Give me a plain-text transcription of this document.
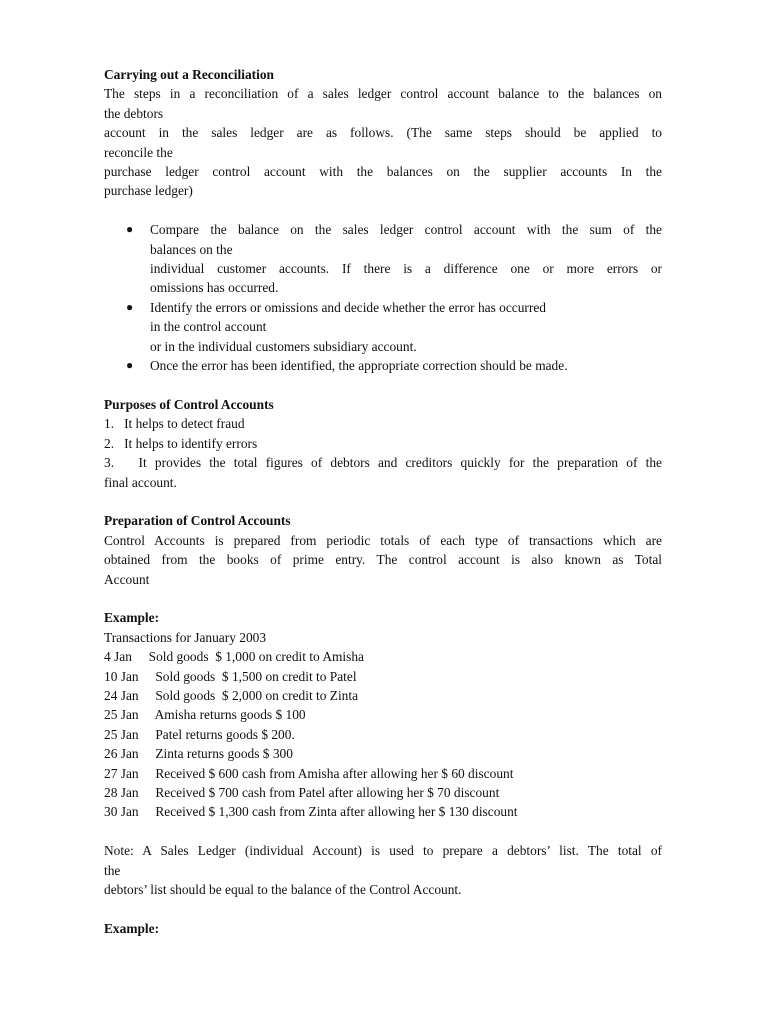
Carrying out a Reconciliation
The steps in a reconciliation of a sales ledger control account balance to the balances on
the debtors
account in the sales ledger are as follows. (The same steps should be applied to
reconcile the
purchase ledger control account with the balances on the supplier accounts In the
purchase ledger)
● Compare the balance on the sales ledger control account with the sum of the
balances on the
individual customer accounts. If there is a difference one or more errors or
omissions has occurred.
● Identify the errors or omissions and decide whether the error has occurred
in the control account
or in the individual customers subsidiary account.
● Once the error has been identified, the appropriate correction should be made.
Purposes of Control Accounts
1.   It helps to detect fraud
2.   It helps to identify errors
3.   It provides the total figures of debtors and creditors quickly for the preparation of the
final account.
Preparation of Control Accounts
Control Accounts is prepared from periodic totals of each type of transactions which are
obtained from the books of prime entry. The control account is also known as Total
Account
Example:
Transactions for January 2003
4 Jan     Sold goods  $ 1,000 on credit to Amisha
10 Jan     Sold goods  $ 1,500 on credit to Patel
24 Jan     Sold goods  $ 2,000 on credit to Zinta
25 Jan     Amisha returns goods $ 100
25 Jan     Patel returns goods $ 200.
26 Jan     Zinta returns goods $ 300
27 Jan     Received $ 600 cash from Amisha after allowing her $ 60 discount
28 Jan     Received $ 700 cash from Patel after allowing her $ 70 discount
30 Jan     Received $ 1,300 cash from Zinta after allowing her $ 130 discount
Note: A Sales Ledger (individual Account) is used to prepare a debtors’ list. The total of
the
debtors’ list should be equal to the balance of the Control Account.
Example:
